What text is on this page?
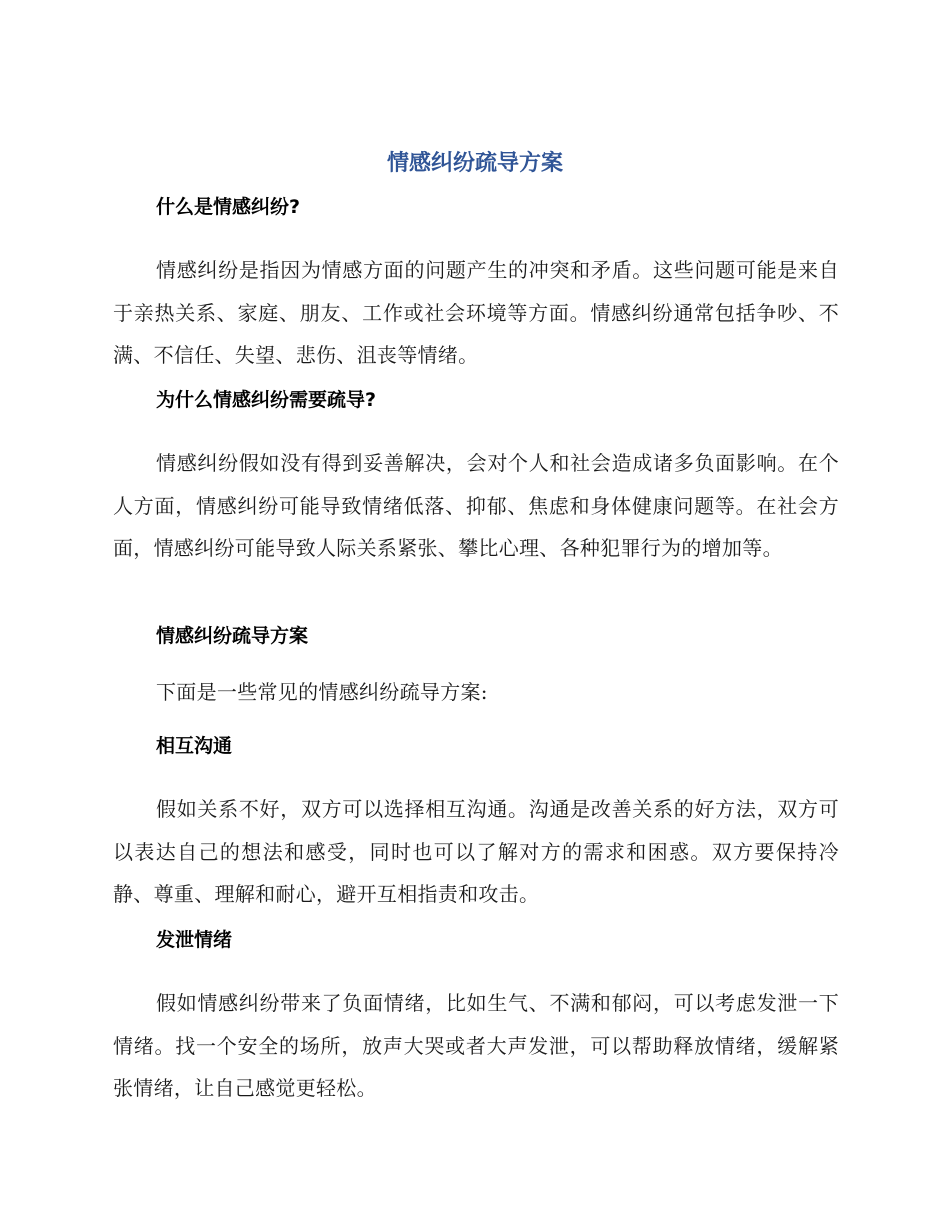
情感纠纷疏导方案
什么是情感纠纷?

情感纠纷是指因为情感方面的问题产生的冲突和矛盾。这些问题可能是来自于亲热关系、家庭、朋友、工作或社会环境等方面。情感纠纷通常包括争吵、不满、不信任、失望、悲伤、沮丧等情绪。

为什么情感纠纷需要疏导?

情感纠纷假如没有得到妥善解决，会对个人和社会造成诸多负面影响。在个人方面，情感纠纷可能导致情绪低落、抑郁、焦虑和身体健康问题等。在社会方面，情感纠纷可能导致人际关系紧张、攀比心理、各种犯罪行为的增加等。

情感纠纷疏导方案

下面是一些常见的情感纠纷疏导方案:

相互沟通

假如关系不好，双方可以选择相互沟通。沟通是改善关系的好方法，双方可以表达自己的想法和感受，同时也可以了解对方的需求和困惑。双方要保持冷静、尊重、理解和耐心，避开互相指责和攻击。

发泄情绪

假如情感纠纷带来了负面情绪，比如生气、不满和郁闷，可以考虑发泄一下情绪。找一个安全的场所，放声大哭或者大声发泄，可以帮助释放情绪，缓解紧张情绪，让自己感觉更轻松。
